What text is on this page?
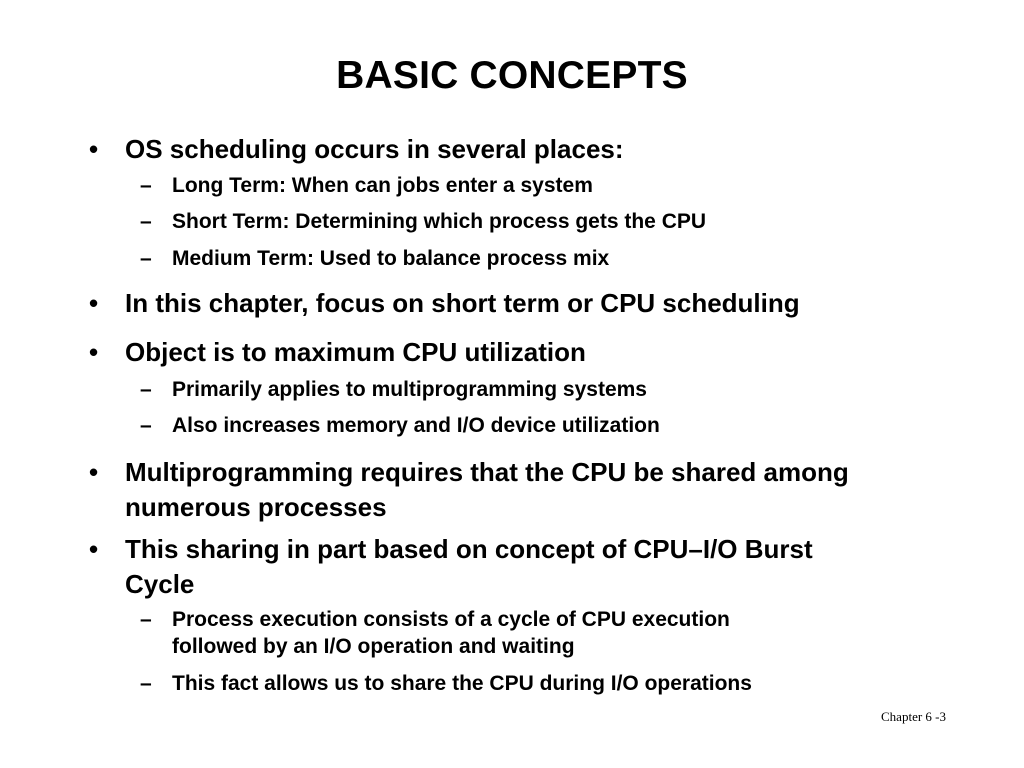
BASIC CONCEPTS
• OS scheduling occurs in several places:
– Long Term: When can jobs enter a system
– Short Term: Determining which process gets the CPU
– Medium Term: Used to balance process mix
• In this chapter, focus on short term or CPU scheduling
• Object is to maximum CPU utilization
– Primarily applies to multiprogramming systems
– Also increases memory and I/O device utilization
• Multiprogramming requires that the CPU be shared among
numerous processes
• This sharing in part based on concept of CPU–I/O Burst
Cycle
– Process execution consists of a cycle of CPU execution
followed by an I/O operation and waiting
– This fact allows us to share the CPU during I/O operations
Chapter 6 -3
